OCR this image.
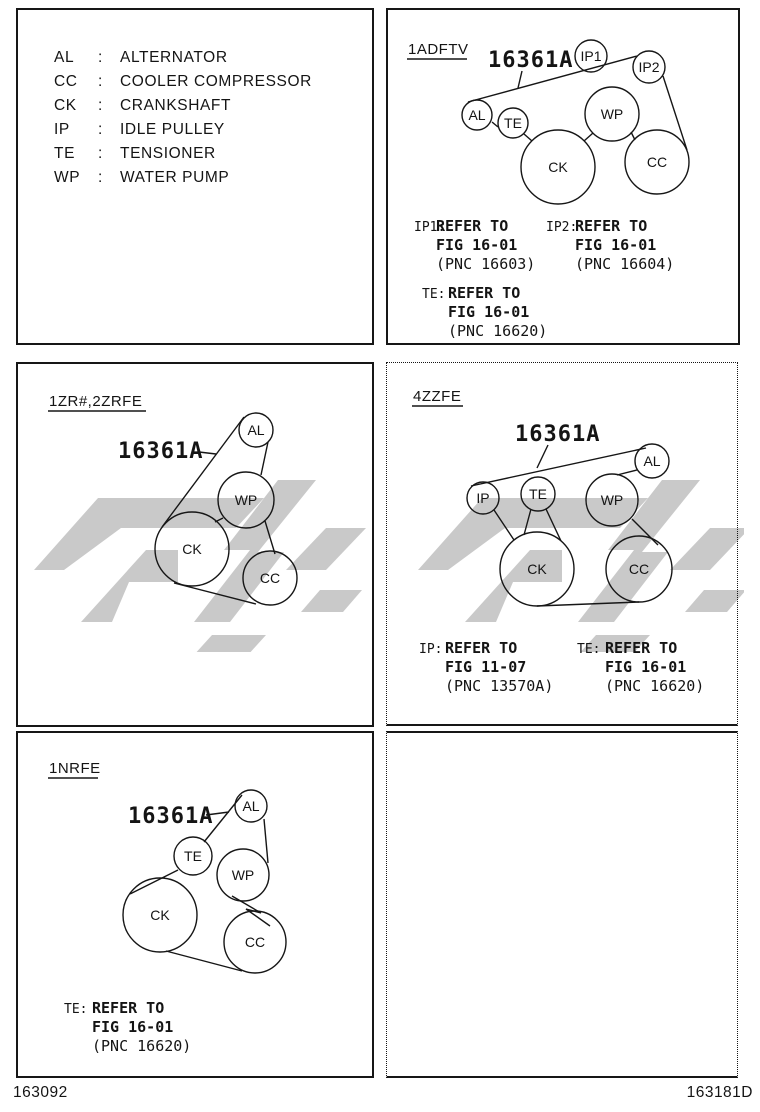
AL	:	ALTERNATOR
CC	:	COOLER COMPRESSOR
CK	:	CRANKSHAFT
IP	:	IDLE PULLEY
TE	:	TENSIONER
WP	:	WATER PUMP
1ADFTV 16361A IP1
IP2
AL TE
WP
CK	CC
IP1:
REFER TO
FIG 16-01
(PNC 16603)
IP2:
REFER TO
FIG 16-01
(PNC 16604)
TE: REFER TO
FIG 16-01
(PNC 16620)
1ZR#,2ZRFE
16361A
AL
WP
CK
CC
4ZZFE
16361A
IP	TE	WP
AL
CK	CC
IP: REFER TO
FIG 11-07
(PNC 13570A)
TE: REFER TO
FIG 16-01
(PNC 16620)
1NRFE
16361A AL
TE
WP
CK
CC
TE: REFER TO
FIG 16-01
(PNC 16620)
163092	163181D
